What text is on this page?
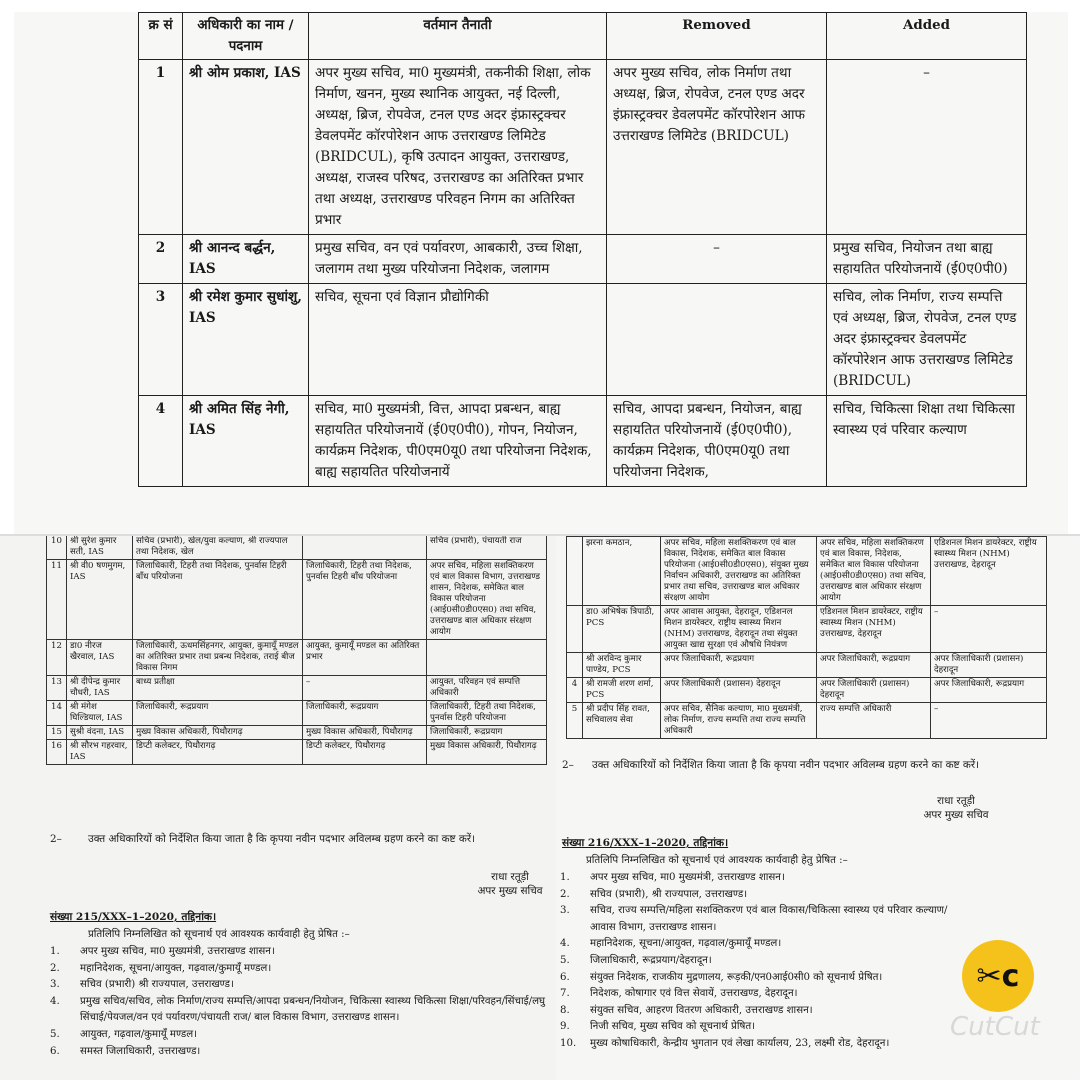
क्र सं	अधिकारी का नाम /पदनाम	वर्तमान तैनाती	Removed	Added
1	श्री ओम प्रकाश, IAS	अपर मुख्य सचिव, मा0 मुख्यमंत्री, तकनीकी शिक्षा, लोक निर्माण, खनन, मुख्य स्थानिक आयुक्त, नई दिल्ली, अध्यक्ष, ब्रिज, रोपवेज, टनल एण्ड अदर इंफ्रास्ट्रक्चर डेवलपमेंट कॉरपोरेशन आफ उत्तराखण्ड लिमिटेड (BRIDCUL), कृषि उत्पादन आयुक्त, उत्तराखण्ड, अध्यक्ष, राजस्व परिषद, उत्तराखण्ड का अतिरिक्त प्रभार तथा अध्यक्ष, उत्तराखण्ड परिवहन निगम का अतिरिक्त प्रभार	अपर मुख्य सचिव, लोक निर्माण तथा अध्यक्ष, ब्रिज, रोपवेज, टनल एण्ड अदर इंफ्रास्ट्रक्चर डेवलपमेंट कॉरपोरेशन आफ उत्तराखण्ड लिमिटेड (BRIDCUL)	–
2	श्री आनन्द बर्द्धन, IAS	प्रमुख सचिव, वन एवं पर्यावरण, आबकारी, उच्च शिक्षा, जलागम तथा मुख्य परियोजना निदेशक, जलागम	–	प्रमुख सचिव, नियोजन तथा बाह्य सहायतित परियोजनायें (ई0ए0पी0)
3	श्री रमेश कुमार सुधांशु, IAS	सचिव, सूचना एवं विज्ञान प्रौद्योगिकी		सचिव, लोक निर्माण, राज्य सम्पत्ति एवं अध्यक्ष, ब्रिज, रोपवेज, टनल एण्ड अदर इंफ्रास्ट्रक्चर डेवलपमेंट कॉरपोरेशन आफ उत्तराखण्ड लिमिटेड (BRIDCUL)
4	श्री अमित सिंह नेगी, IAS	सचिव, मा0 मुख्यमंत्री, वित्त, आपदा प्रबन्धन, बाह्य सहायतित परियोजनायें (ई0ए0पी0), गोपन, नियोजन, कार्यक्रम निदेशक, पी0एम0यू0 तथा परियोजना निदेशक, बाह्य सहायतित परियोजनायें	सचिव, आपदा प्रबन्धन, नियोजन, बाह्य सहायतित परियोजनायें (ई0ए0पी0), कार्यक्रम निदेशक, पी0एम0यू0 तथा परियोजना निदेशक,	सचिव, चिकित्सा शिक्षा तथा चिकित्सा स्वास्थ्य एवं परिवार कल्याण
10	श्री सुरेश कुमार सती, IAS	सचिव (प्रभारी), खेल/युवा कल्याण, श्री राज्यपाल तथा निदेशक, खेल		सचिव (प्रभारी), पंचायती राज
11	श्री वी0 षणमुगम, IAS	जिलाधिकारी, टिहरी तथा निदेशक, पुनर्वास टिहरी बाँध परियोजना	जिलाधिकारी, टिहरी तथा निदेशक, पुनर्वास टिहरी बाँध परियोजना	अपर सचिव, महिला सशक्तिकरण एवं बाल विकास विभाग, उत्तराखण्ड शासन, निदेशक, समेकित बाल विकास परियोजना (आई0सी0डी0एस0) तथा सचिव, उत्तराखण्ड बाल अधिकार संरक्षण आयोग
12	डा0 नीरज खैरवाल, IAS	जिलाधिकारी, ऊधमसिंहनगर, आयुक्त, कुमायूँ मण्डल का अतिरिक्त प्रभार तथा प्रबन्ध निदेशक, तराई बीज विकास निगम	आयुक्त, कुमायूँ मण्डल का अतिरिक्त प्रभार	
13	श्री दीपेन्द्र कुमार चौधरी, IAS	बाध्य प्रतीक्षा	–	आयुक्त, परिवहन एवं सम्पत्ति अधिकारी
14	श्री मंगेश घिल्डियाल, IAS	जिलाधिकारी, रूद्रप्रयाग	जिलाधिकारी, रूद्रप्रयाग	जिलाधिकारी, टिहरी तथा निदेशक, पुनर्वास टिहरी परियोजना
15	सुश्री वंदना, IAS	मुख्य विकास अधिकारी, पिथौरागढ़	मुख्य विकास अधिकारी, पिथौरागढ़	जिलाधिकारी, रूद्रप्रयाग
16	श्री सौरभ गहरवार, IAS	डिप्टी कलेक्टर, पिथौरागढ़	डिप्टी कलेक्टर, पिथौरागढ़	मुख्य विकास अधिकारी, पिथौरागढ़
2–	उक्त अधिकारियों को निर्देशित किया जाता है कि कृपया नवीन पदभार अविलम्ब ग्रहण करने का कष्ट करें।
राधा रतूड़ी
अपर मुख्य सचिव
संख्या 215/XXX–1–2020, तद्दिनांक।
प्रतिलिपि निम्नलिखित को सूचनार्थ एवं आवश्यक कार्यवाही हेतु प्रेषित :–
1.	अपर मुख्य सचिव, मा0 मुख्यमंत्री, उत्तराखण्ड शासन।
2.	महानिदेशक, सूचना/आयुक्त, गढ़वाल/कुमायूँ मण्डल।
3.	सचिव (प्रभारी) श्री राज्यपाल, उत्तराखण्ड।
4.	प्रमुख सचिव/सचिव, लोक निर्माण/राज्य सम्पत्ति/आपदा प्रबन्धन/नियोजन, चिकित्सा स्वास्थ्य चिकित्सा शिक्षा/परिवहन/सिंचाई/लघु सिंचाई/पेयजल/वन एवं पर्यावरण/पंचायती राज/ बाल विकास विभाग, उत्तराखण्ड शासन।
5.	आयुक्त, गढ़वाल/कुमायूँ मण्डल।
6.	समस्त जिलाधिकारी, उत्तराखण्ड।
	झरना कमठान,	अपर सचिव, महिला सशक्तिकरण एवं बाल विकास, निदेशक, समेकित बाल विकास परियोजना (आई0सी0डी0एस0), संयुक्त मुख्य निर्वाचन अधिकारी, उत्तराखण्ड का अतिरिक्त प्रभार तथा सचिव, उत्तराखण्ड बाल अधिकार संरक्षण आयोग	अपर सचिव, महिला सशक्तिकरण एवं बाल विकास, निदेशक, समेकित बाल विकास परियोजना (आई0सी0डी0एस0) तथा सचिव, उत्तराखण्ड बाल अधिकार संरक्षण आयोग	एडिशनल मिशन डायरेक्टर, राष्ट्रीय स्वास्थ्य मिशन (NHM) उत्तराखण्ड, देहरादून
	डा0 अभिषेक त्रिपाठी, PCS	अपर आवास आयुक्त, देहरादून, एडिशनल मिशन डायरेक्टर, राष्ट्रीय स्वास्थ्य मिशन (NHM) उत्तराखण्ड, देहरादून तथा संयुक्त आयुक्त खाद्य सुरक्षा एवं औषधि नियंत्रण	एडिशनल मिशन डायरेक्टर, राष्ट्रीय स्वास्थ्य मिशन (NHM) उत्तराखण्ड, देहरादून	–
	श्री अरविन्द कुमार पाण्डेय, PCS	अपर जिलाधिकारी, रूद्रप्रयाग	अपर जिलाधिकारी, रूद्रप्रयाग	अपर जिलाधिकारी (प्रशासन) देहरादून
4	श्री रामजी शरण शर्मा, PCS	अपर जिलाधिकारी (प्रशासन) देहरादून	अपर जिलाधिकारी (प्रशासन) देहरादून	अपर जिलाधिकारी, रूद्रप्रयाग
5	श्री प्रदीप सिंह रावत, सचिवालय सेवा	अपर सचिव, सैनिक कल्याण, मा0 मुख्यमंत्री, लोक निर्माण, राज्य सम्पत्ति तथा राज्य सम्पत्ति अधिकारी	राज्य सम्पत्ति अधिकारी	–
2–	उक्त अधिकारियों को निर्देशित किया जाता है कि कृपया नवीन पदभार अविलम्ब ग्रहण करने का कष्ट करें।
राधा रतूड़ी
अपर मुख्य सचिव
संख्या 216/XXX–1–2020, तद्दिनांक।
प्रतिलिपि निम्नलिखित को सूचनार्थ एवं आवश्यक कार्यवाही हेतु प्रेषित :–
1.	अपर मुख्य सचिव, मा0 मुख्यमंत्री, उत्तराखण्ड शासन।
2.	सचिव (प्रभारी), श्री राज्यपाल, उत्तराखण्ड।
3.	सचिव, राज्य सम्पत्ति/महिला सशक्तिकरण एवं बाल विकास/चिकित्सा स्वास्थ्य एवं परिवार कल्याण/ आवास विभाग, उत्तराखण्ड शासन।
4.	महानिदेशक, सूचना/आयुक्त, गढ़वाल/कुमायूँ मण्डल।
5.	जिलाधिकारी, रूद्रप्रयाग/देहरादून।
6.	संयुक्त निदेशक, राजकीय मुद्रणालय, रूड़की/एन0आई0सी0 को सूचनार्थ प्रेषित।
7.	निदेशक, कोषागार एवं वित्त सेवायें, उत्तराखण्ड, देहरादून।
8.	संयुक्त सचिव, आहरण वितरण अधिकारी, उत्तराखण्ड शासन।
9.	निजी सचिव, मुख्य सचिव को सूचनार्थ प्रेषित।
10.	मुख्य कोषाधिकारी, केन्द्रीय भुगतान एवं लेखा कार्यालय, 23, लक्ष्मी रोड, देहरादून।
✂c
CutCut
